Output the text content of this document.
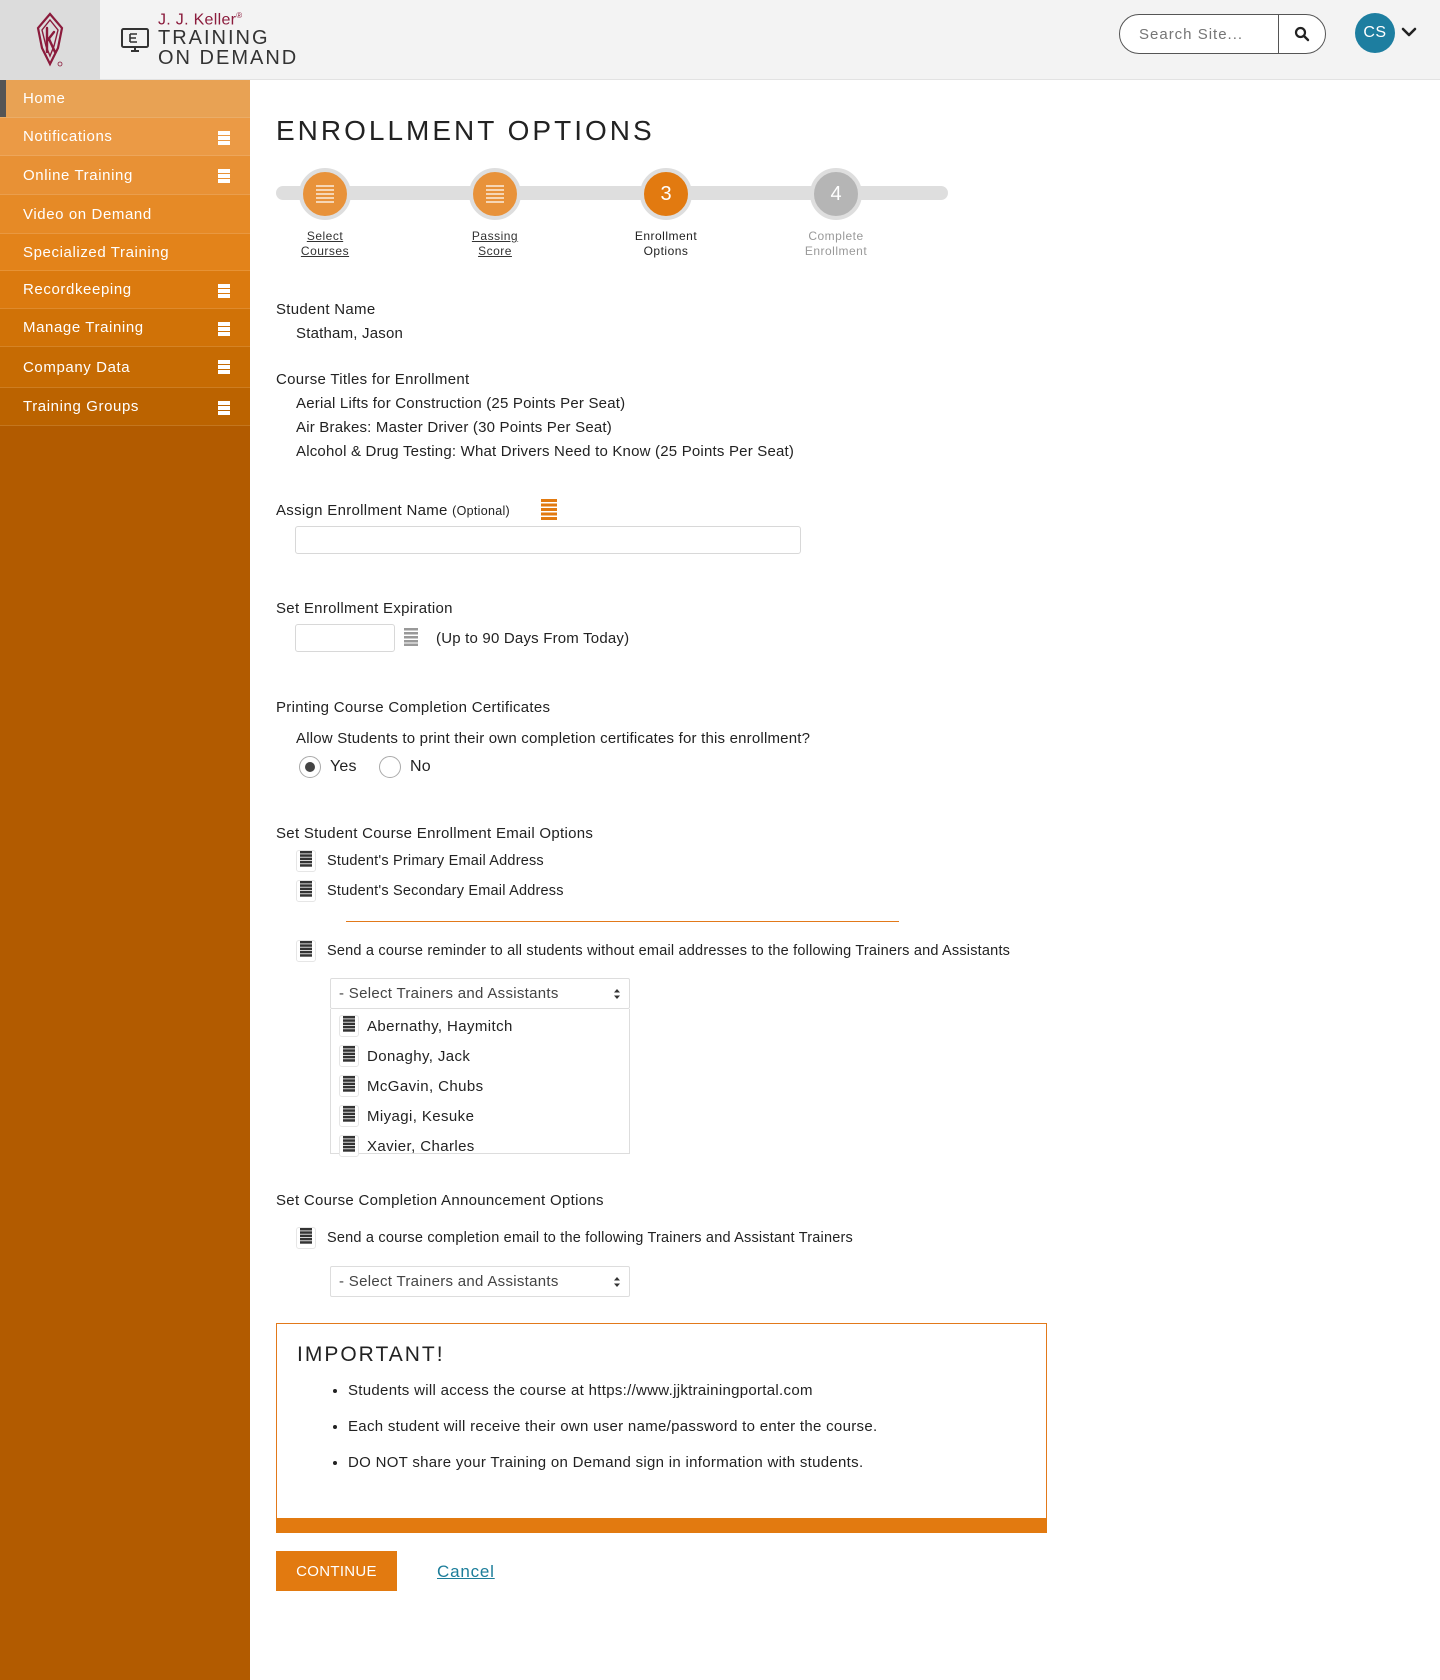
J. J. Keller®
TRAINING
ON DEMAND
Search Site...
CS
Home
Notifications
Online Training
Video on Demand
Specialized Training
Recordkeeping
Manage Training
Company Data
Training Groups
ENROLLMENT OPTIONS
Select
Courses
Passing
Score
3
Enrollment
Options
4
Complete
Enrollment
Student Name
Statham, Jason
Course Titles for Enrollment
Aerial Lifts for Construction (25 Points Per Seat)
Air Brakes: Master Driver (30 Points Per Seat)
Alcohol & Drug Testing: What Drivers Need to Know (25 Points Per Seat)
Assign Enrollment Name (Optional)
Set Enrollment Expiration
(Up to 90 Days From Today)
Printing Course Completion Certificates
Allow Students to print their own completion certificates for this enrollment?
Yes	No
Set Student Course Enrollment Email Options
Student's Primary Email Address
Student's Secondary Email Address
Send a course reminder to all students without email addresses to the following Trainers and Assistants
- Select Trainers and Assistants
Abernathy, Haymitch
Donaghy, Jack
McGavin, Chubs
Miyagi, Kesuke
Xavier, Charles
Set Course Completion Announcement Options
Send a course completion email to the following Trainers and Assistant Trainers
- Select Trainers and Assistants
IMPORTANT!
• Students will access the course at https://www.jjktrainingportal.com
• Each student will receive their own user name/password to enter the course.
• DO NOT share your Training on Demand sign in information with students.
CONTINUE	Cancel
